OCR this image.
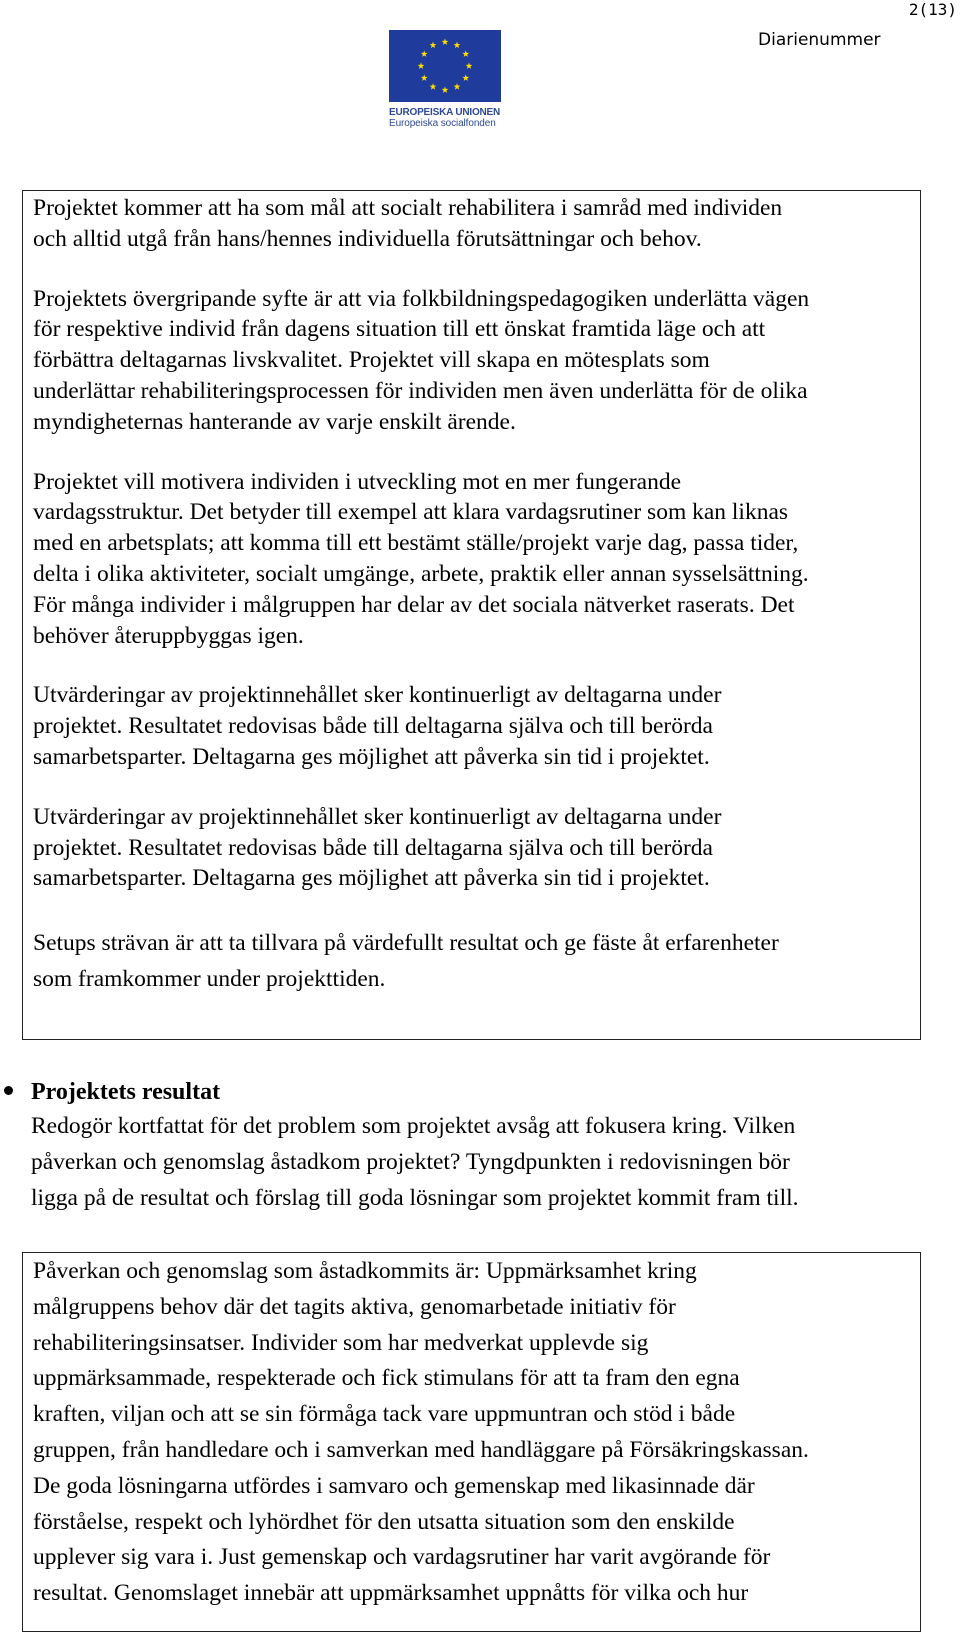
2(13)
Diarienummer
EUROPEISKA UNIONEN
Europeiska socialfonden

Projektet kommer att ha som mål att socialt rehabilitera i samråd med individen
och alltid utgå från hans/hennes individuella förutsättningar och behov.

Projektets övergripande syfte är att via folkbildningspedagogiken underlätta vägen
för respektive individ från dagens situation till ett önskat framtida läge och att
förbättra deltagarnas livskvalitet. Projektet vill skapa en mötesplats som
underlättar rehabiliteringsprocessen för individen men även underlätta för de olika
myndigheternas hanterande av varje enskilt ärende.

Projektet vill motivera individen i utveckling mot en mer fungerande
vardagsstruktur. Det betyder till exempel att klara vardagsrutiner som kan liknas
med en arbetsplats; att komma till ett bestämt ställe/projekt varje dag, passa tider,
delta i olika aktiviteter, socialt umgänge, arbete, praktik eller annan sysselsättning.
För många individer i målgruppen har delar av det sociala nätverket raserats. Det
behöver återuppbyggas igen.

Utvärderingar av projektinnehållet sker kontinuerligt av deltagarna under
projektet. Resultatet redovisas både till deltagarna själva och till berörda
samarbetsparter. Deltagarna ges möjlighet att påverka sin tid i projektet.

Utvärderingar av projektinnehållet sker kontinuerligt av deltagarna under
projektet. Resultatet redovisas både till deltagarna själva och till berörda
samarbetsparter. Deltagarna ges möjlighet att påverka sin tid i projektet.

Setups strävan är att ta tillvara på värdefullt resultat och ge fäste åt erfarenheter
som framkommer under projekttiden.

Projektets resultat

Redogör kortfattat för det problem som projektet avsåg att fokusera kring. Vilken
påverkan och genomslag åstadkom projektet? Tyngdpunkten i redovisningen bör
ligga på de resultat och förslag till goda lösningar som projektet kommit fram till.

Påverkan och genomslag som åstadkommits är: Uppmärksamhet kring
målgruppens behov där det tagits aktiva, genomarbetade initiativ för
rehabiliteringsinsatser. Individer som har medverkat upplevde sig
uppmärksammade, respekterade och fick stimulans för att ta fram den egna
kraften, viljan och att se sin förmåga tack vare uppmuntran och stöd i både
gruppen, från handledare och i samverkan med handläggare på Försäkringskassan.
De goda lösningarna utfördes i samvaro och gemenskap med likasinnade där
förståelse, respekt och lyhördhet för den utsatta situation som den enskilde
upplever sig vara i. Just gemenskap och vardagsrutiner har varit avgörande för
resultat. Genomslaget innebär att uppmärksamhet uppnåtts för vilka och hur
